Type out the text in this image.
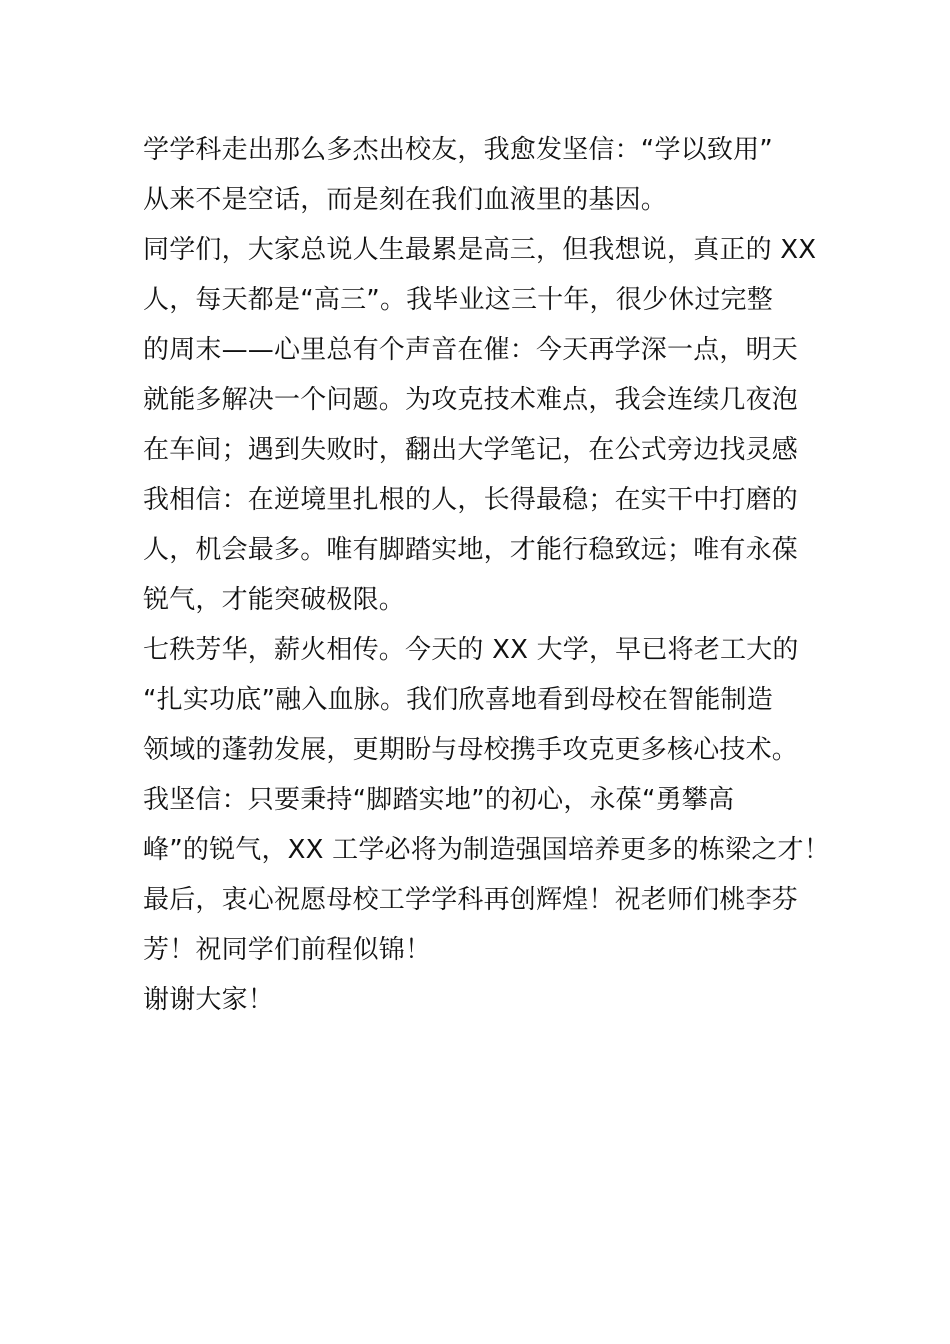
学学科走出那么多杰出校友，我愈发坚信：“学以致用”
从来不是空话，而是刻在我们血液里的基因。
同学们，大家总说人生最累是高三，但我想说，真正的 XX
人，每天都是“高三”。我毕业这三十年，很少休过完整
的周末——心里总有个声音在催：今天再学深一点，明天
就能多解决一个问题。为攻克技术难点，我会连续几夜泡
在车间；遇到失败时，翻出大学笔记，在公式旁边找灵感
我相信：在逆境里扎根的人，长得最稳；在实干中打磨的
人，机会最多。唯有脚踏实地，才能行稳致远；唯有永葆
锐气，才能突破极限。
七秩芳华，薪火相传。今天的 XX 大学，早已将老工大的
“扎实功底”融入血脉。我们欣喜地看到母校在智能制造
领域的蓬勃发展，更期盼与母校携手攻克更多核心技术。
我坚信：只要秉持“脚踏实地”的初心，永葆“勇攀高
峰”的锐气，XX 工学必将为制造强国培养更多的栋梁之才！
最后，衷心祝愿母校工学学科再创辉煌！祝老师们桃李芬
芳！祝同学们前程似锦！
谢谢大家！
